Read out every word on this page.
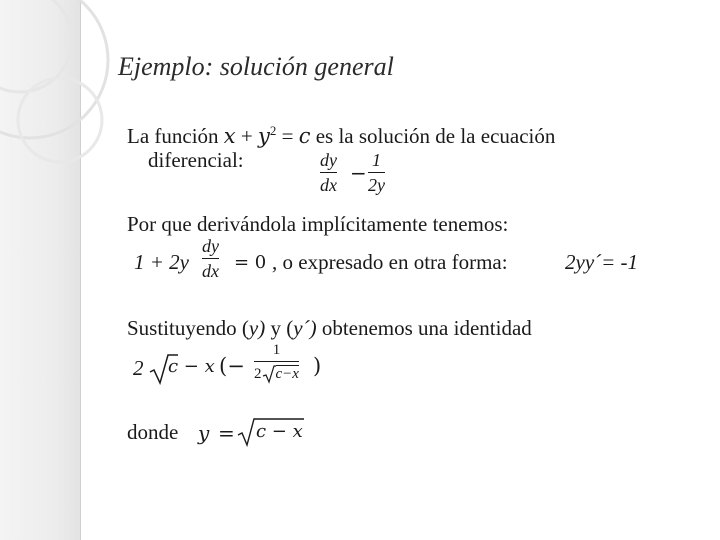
Ejemplo: solución general
La función $x + y^2 = c$ es la solución de la ecuación
diferencial:	dy
dx −
1
2y
Por que derivándola implícitamente tenemos:
1 + 2y
dy
dx = 0 , o expresado en otra forma:	2yy´= -1
Sustituyendo (y) y (y´) obtenemos una identidad
2 c − x (−
1
2 c−x )
donde y = c − x
